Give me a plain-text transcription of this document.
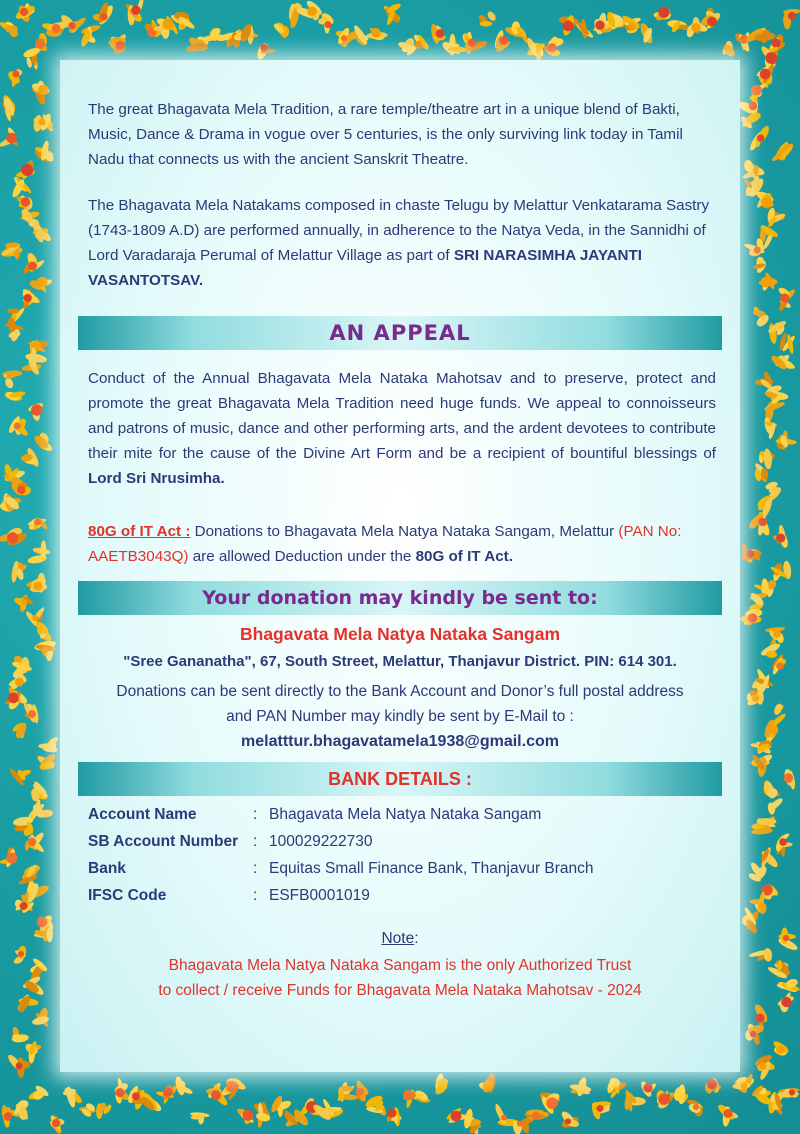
The great Bhagavata Mela Tradition, a rare temple/theatre art in a unique blend of Bakti, Music, Dance & Drama in vogue over 5 centuries, is the only surviving link today in Tamil Nadu that connects us with the ancient Sanskrit Theatre.

The Bhagavata Mela Natakams composed in chaste Telugu by Melattur Venkatarama Sastry (1743-1809 A.D) are performed annually, in adherence to the Natya Veda, in the Sannidhi of Lord Varadaraja Perumal of Melattur Village as part of SRI NARASIMHA JAYANTI VASANTOTSAV.

AN APPEAL

Conduct of the Annual Bhagavata Mela Nataka Mahotsav and to preserve, protect and promote the great Bhagavata Mela Tradition need huge funds. We appeal to connoisseurs and patrons of music, dance and other performing arts, and the ardent devotees to contribute their mite for the cause of the Divine Art Form and be a recipient of bountiful blessings of Lord Sri Nrusimha.

80G of IT Act : Donations to Bhagavata Mela Natya Nataka Sangam, Melattur (PAN No: AAETB3043Q) are allowed Deduction under the 80G of IT Act.

Your donation may kindly be sent to:

Bhagavata Mela Natya Nataka Sangam

"Sree Gananatha", 67, South Street, Melattur, Thanjavur District. PIN: 614 301.

Donations can be sent directly to the Bank Account and Donor’s full postal address

and PAN Number may kindly be sent by E-Mail to :

melatttur.bhagavatamela1938@gmail.com

BANK DETAILS :
Account Name	: Bhagavata Mela Natya Nataka Sangam
SB Account Number : 100029222730
Bank	: Equitas Small Finance Bank, Thanjavur Branch
IFSC Code	: ESFB0001019

Note:

Bhagavata Mela Natya Nataka Sangam is the only Authorized Trust

to collect / receive Funds for Bhagavata Mela Nataka Mahotsav - 2024
